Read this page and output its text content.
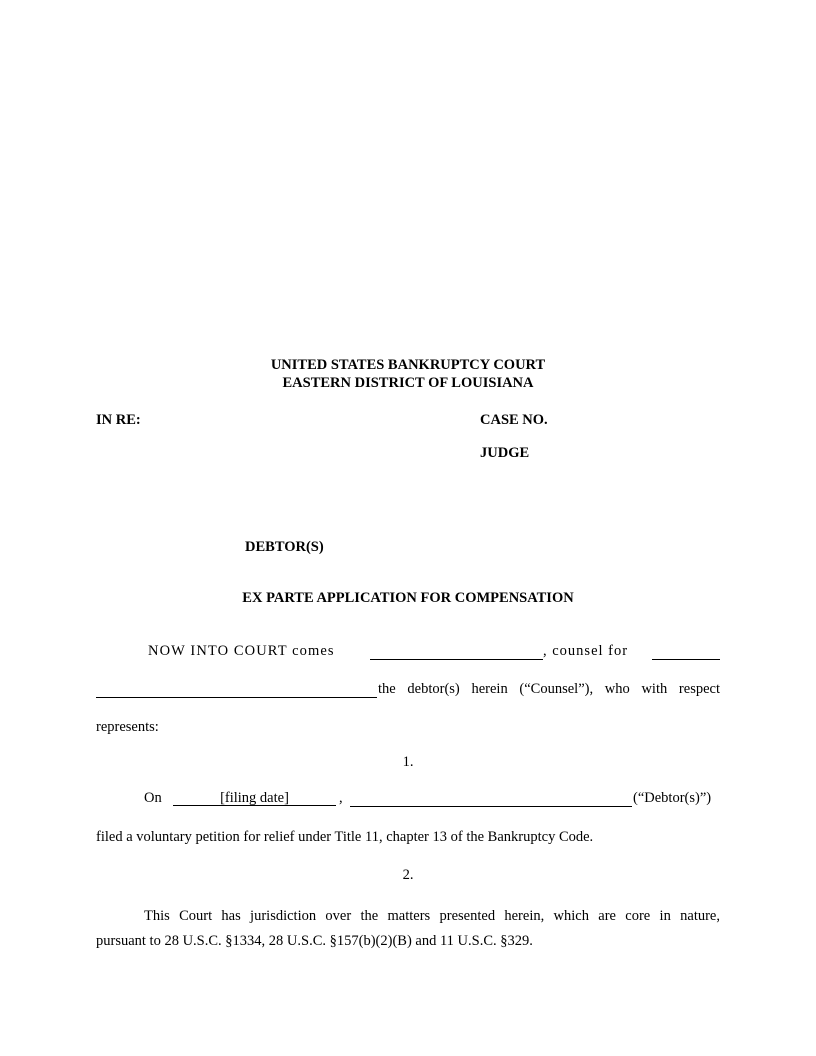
UNITED STATES BANKRUPTCY COURT
EASTERN DISTRICT OF LOUISIANA
IN RE:	CASE NO.
JUDGE
DEBTOR(S)
EX PARTE APPLICATION FOR COMPENSATION
NOW INTO COURT comes	, counsel for
the debtor(s) herein (“Counsel”), who with respect
represents:
1.
On	[filing date]	,	(“Debtor(s)”)
filed a voluntary petition for relief under Title 11, chapter 13 of the Bankruptcy Code.
2.
This Court has jurisdiction over the matters presented herein, which are core in nature,
pursuant to 28 U.S.C. §1334, 28 U.S.C. §157(b)(2)(B) and 11 U.S.C. §329.
